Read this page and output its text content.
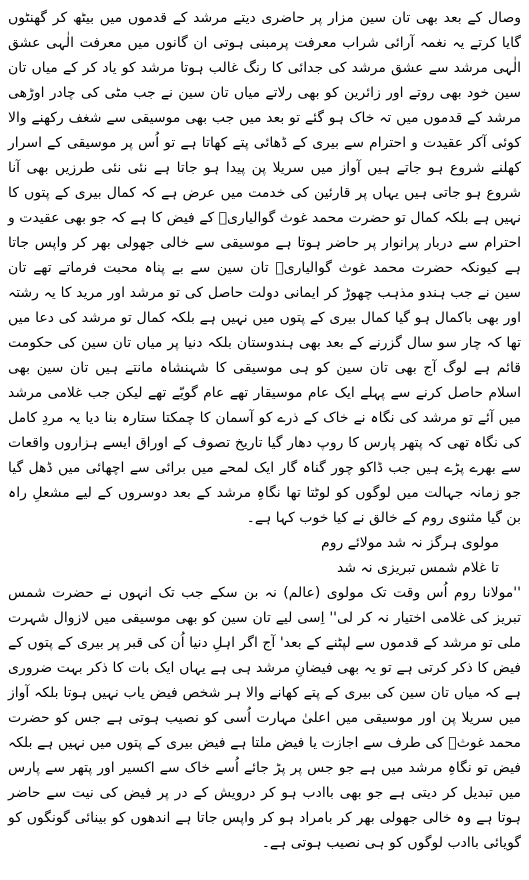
وصال کے بعد بھی تان سین مزار پر حاضری دیتے مرشد کے قدموں میں بیٹھ کر گھنٹوں گایا کرتے یہ نغمہ آرائی شراب معرفت پرمبنی ہوتی ان گانوں میں معرفت الٰہی عشق الٰہی مرشد سے عشق مرشد کی جدائی کا رنگ غالب ہوتا مرشد کو یاد کر کے میاں تان سین خود بھی روتے اور زائرین کو بھی رلاتے میاں تان سین نے جب مٹی کی چادر اوڑھی مرشد کے قدموں میں تہ خاک ہو گئے تو بعد میں جب بھی موسیقی سے شغف رکھنے والا کوئی آکر عقیدت و احترام سے بیری کے ڈھائی پتے کھاتا ہے تو اُس پر موسیقی کے اسرار کھلنے شروع ہو جاتے ہیں آواز میں سریلا پن پیدا ہو جاتا ہے نئی نئی طرزیں بھی آنا شروع ہو جاتی ہیں یہاں پر قارئین کی خدمت میں عرض ہے کہ کمال بیری کے پتوں کا نہیں ہے بلکہ کمال تو حضرت محمد غوث گوالیاریؒ کے فیض کا ہے کہ جو بھی عقیدت و احترام سے دربار پرانوار پر حاضر ہوتا ہے موسیقی سے خالی جھولی بھر کر واپس جاتا ہے کیونکہ حضرت محمد غوث گوالیاریؒ تان سین سے بے پناہ محبت فرماتے تھے تان سین نے جب ہندو مذہب چھوڑ کر ایمانی دولت حاصل کی تو مرشد اور مرید کا یہ رشتہ اور بھی باکمال ہو گیا کمال بیری کے پتوں میں نہیں ہے بلکہ کمال تو مرشد کی دعا میں تھا کہ چار سو سال گزرنے کے بعد بھی ہندوستان بلکہ دنیا پر میاں تان سین کی حکومت قائم ہے لوگ آج بھی تان سین کو ہی موسیقی کا شہنشاہ مانتے ہیں تان سین بھی اسلام حاصل کرنے سے پہلے ایک عام موسیقار تھے عام گویّے تھے لیکن جب غلامی مرشد میں آئے تو مرشد کی نگاہ نے خاک کے ذرے کو آسمان کا چمکتا ستارہ بنا دیا یہ مردِ کامل کی نگاہ تھی کہ پتھر پارس کا روپ دھار گیا تاریخ تصوف کے اوراق ایسے ہزاروں واقعات سے بھرے پڑے ہیں جب ڈاکو چور گناہ گار ایک لمحے میں برائی سے اچھائی میں ڈھل گیا جو زمانہ جہالت میں لوگوں کو لوٹتا تھا نگاہِ مرشد کے بعد دوسروں کے لیے مشعلِ راہ بن گیا مثنوی روم کے خالق نے کیا خوب کہا ہے۔

مولوی ہرگز نہ شد مولائے روم

تا غلام شمس تبریزی نہ شد

''مولانا روم اُس وقت تک مولوی (عالم) نہ بن سکے جب تک انہوں نے حضرت شمس تبریز کی غلامی اختیار نہ کر لی'' اِسی لیے تان سین کو بھی موسیقی میں لازوال شہرت ملی تو مرشد کے قدموں سے لپٹنے کے بعد' آج اگر اہلِ دنیا اُن کی قبر پر بیری کے پتوں کے فیض کا ذکر کرتی ہے تو یہ بھی فیضانِ مرشد ہی ہے یہاں ایک بات کا ذکر بہت ضروری ہے کہ میاں تان سین کی بیری کے پتے کھانے والا ہر شخص فیض یاب نہیں ہوتا بلکہ آواز میں سریلا پن اور موسیقی میں اعلیٰ مہارت اُسی کو نصیب ہوتی ہے جس کو حضرت محمد غوثؒ کی طرف سے اجازت یا فیض ملتا ہے فیض بیری کے پتوں میں نہیں ہے بلکہ فیض تو نگاہِ مرشد میں ہے جو جس پر پڑ جائے اُسے خاک سے اکسیر اور پتھر سے پارس میں تبدیل کر دیتی ہے جو بھی باادب ہو کر درویش کے در پر فیض کی نیت سے حاضر ہوتا ہے وہ خالی جھولی بھر کر بامراد ہو کر واپس جاتا ہے اندھوں کو بینائی گونگوں کو گویائی باادب لوگوں کو ہی نصیب ہوتی ہے۔
